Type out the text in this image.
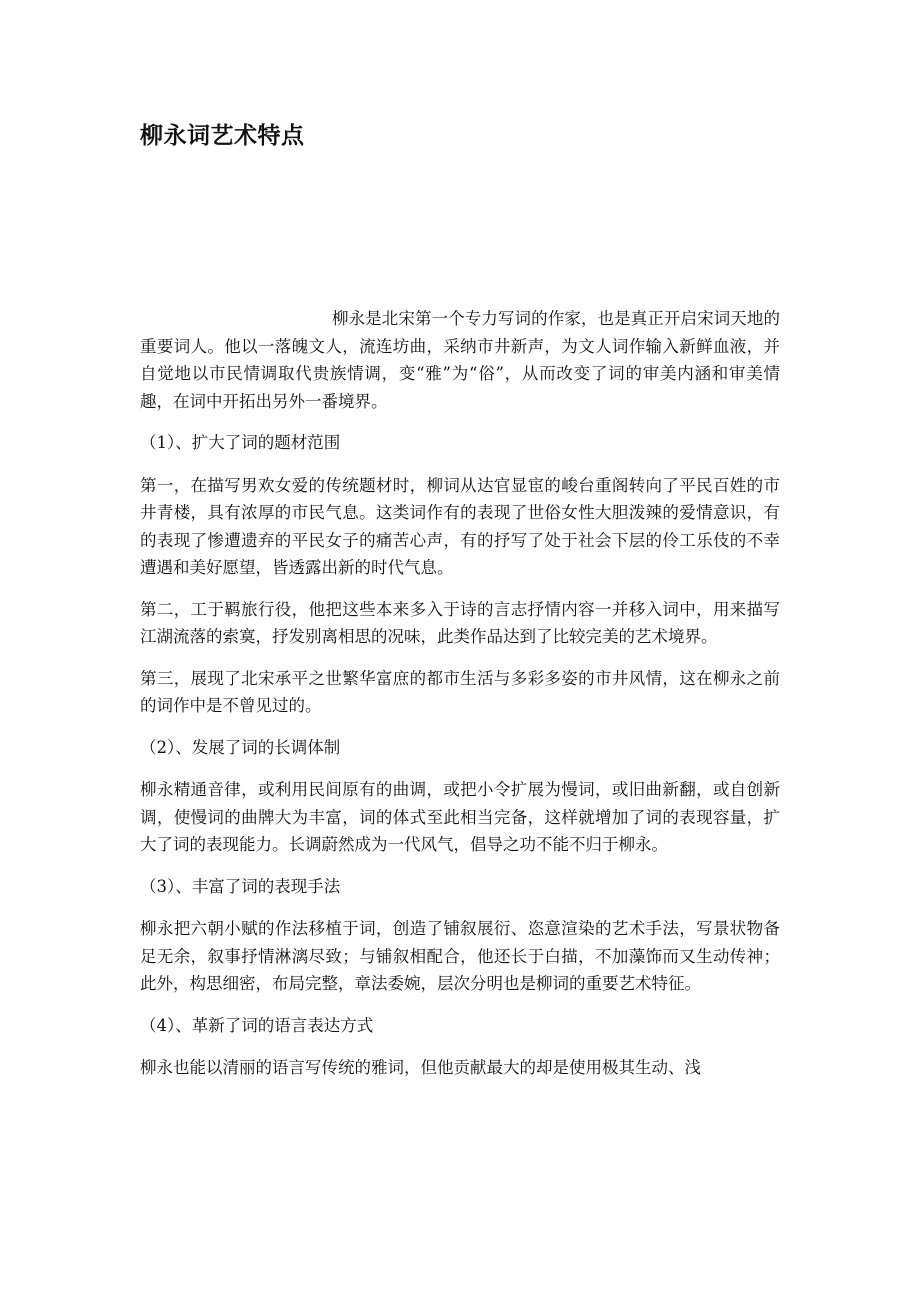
柳永词艺术特点

柳永是北宋第一个专力写词的作家，也是真正开启宋词天地的重要词人。他以一落魄文人，流连坊曲，采纳市井新声，为文人词作输入新鲜血液，并自觉地以市民情调取代贵族情调，变“雅”为“俗”，从而改变了词的审美内涵和审美情趣，在词中开拓出另外一番境界。

（1）、扩大了词的题材范围

第一，在描写男欢女爱的传统题材时，柳词从达官显宦的峻台重阁转向了平民百姓的市井青楼，具有浓厚的市民气息。这类词作有的表现了世俗女性大胆泼辣的爱情意识，有的表现了惨遭遗弃的平民女子的痛苦心声，有的抒写了处于社会下层的伶工乐伎的不幸遭遇和美好愿望，皆透露出新的时代气息。

第二，工于羁旅行役，他把这些本来多入于诗的言志抒情内容一并移入词中，用来描写江湖流落的索寞，抒发别离相思的况味，此类作品达到了比较完美的艺术境界。

第三，展现了北宋承平之世繁华富庶的都市生活与多彩多姿的市井风情，这在柳永之前的词作中是不曾见过的。

（2）、发展了词的长调体制

柳永精通音律，或利用民间原有的曲调，或把小令扩展为慢词，或旧曲新翻，或自创新调，使慢词的曲牌大为丰富，词的体式至此相当完备，这样就增加了词的表现容量，扩大了词的表现能力。长调蔚然成为一代风气，倡导之功不能不归于柳永。

（3）、丰富了词的表现手法

柳永把六朝小赋的作法移植于词，创造了铺叙展衍、恣意渲染的艺术手法，写景状物备足无余，叙事抒情淋漓尽致；与铺叙相配合，他还长于白描，不加藻饰而又生动传神；此外，构思细密，布局完整，章法委婉，层次分明也是柳词的重要艺术特征。

（4）、革新了词的语言表达方式

柳永也能以清丽的语言写传统的雅词，但他贡献最大的却是使用极其生动、浅
